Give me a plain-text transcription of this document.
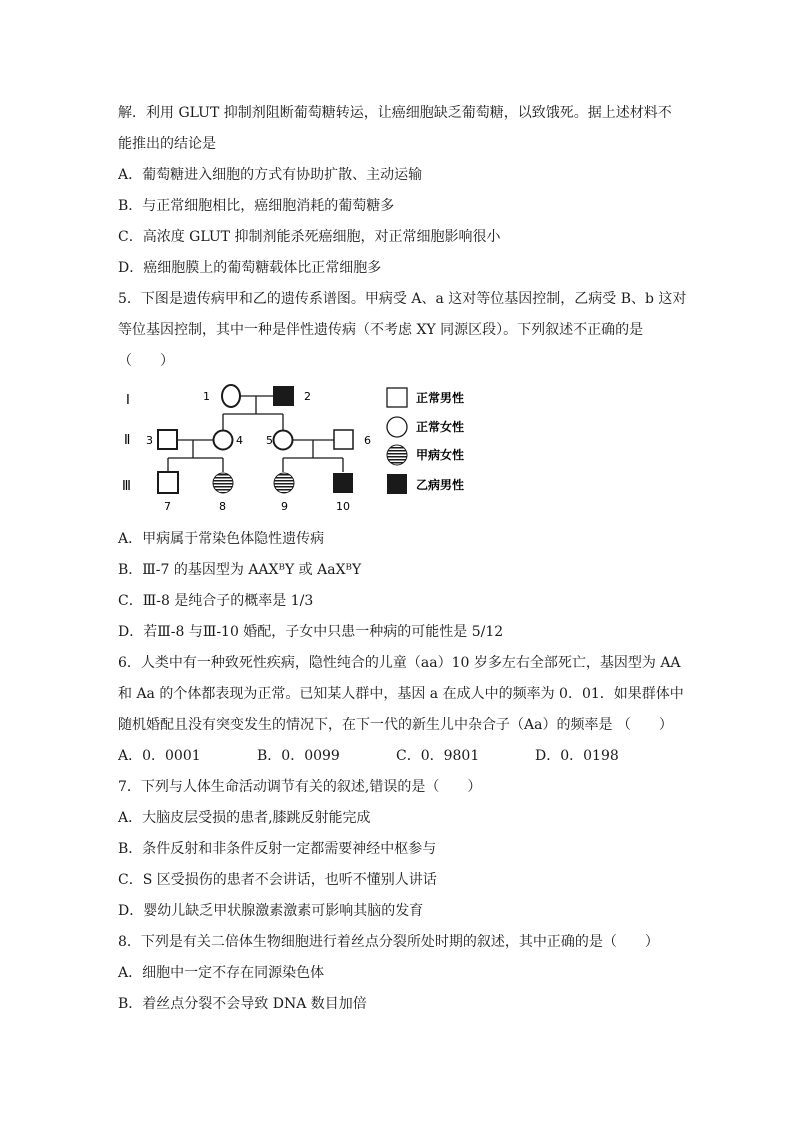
解．利用 GLUT 抑制剂阻断葡萄糖转运，让癌细胞缺乏葡萄糖，以致饿死。据上述材料不
能推出的结论是
A．葡萄糖进入细胞的方式有协助扩散、主动运输
B．与正常细胞相比，癌细胞消耗的葡萄糖多
C．高浓度 GLUT 抑制剂能杀死癌细胞，对正常细胞影响很小
D．癌细胞膜上的葡萄糖载体比正常细胞多
5．下图是遗传病甲和乙的遗传系谱图。甲病受 A、a 这对等位基因控制，乙病受 B、b 这对
等位基因控制，其中一种是伴性遗传病（不考虑 XY 同源区段）。下列叙述不正确的是
（　　）
A．甲病属于常染色体隐性遗传病
B．Ⅲ-7 的基因型为 AAXᴮY 或 AaXᴮY
C．Ⅲ-8 是纯合子的概率是 1/3
D．若Ⅲ-8 与Ⅲ-10 婚配，子女中只患一种病的可能性是 5/12
6．人类中有一种致死性疾病，隐性纯合的儿童（aa）10 岁多左右全部死亡，基因型为 AA
和 Aa 的个体都表现为正常。已知某人群中，基因 a 在成人中的频率为 0．01．如果群体中
随机婚配且没有突变发生的情况下，在下一代的新生儿中杂合子（Aa）的频率是 （　　）
7．下列与人体生命活动调节有关的叙述,错误的是（　　）
A．大脑皮层受损的患者,膝跳反射能完成
B．条件反射和非条件反射一定都需要神经中枢参与
C．S 区受损伤的患者不会讲话，也听不懂别人讲话
D．婴幼儿缺乏甲状腺激素激素可影响其脑的发育
8．下列是有关二倍体生物细胞进行着丝点分裂所处时期的叙述，其中正确的是（　　）
A．细胞中一定不存在同源染色体
B．着丝点分裂不会导致 DNA 数目加倍
A．0．0001	B．0．0099	C．0．9801	D．0．0198
Ⅰ
Ⅱ
Ⅲ
1	2
3	4 5	6
7	8	9	10
正常男性
正常女性
甲病女性
乙病男性
